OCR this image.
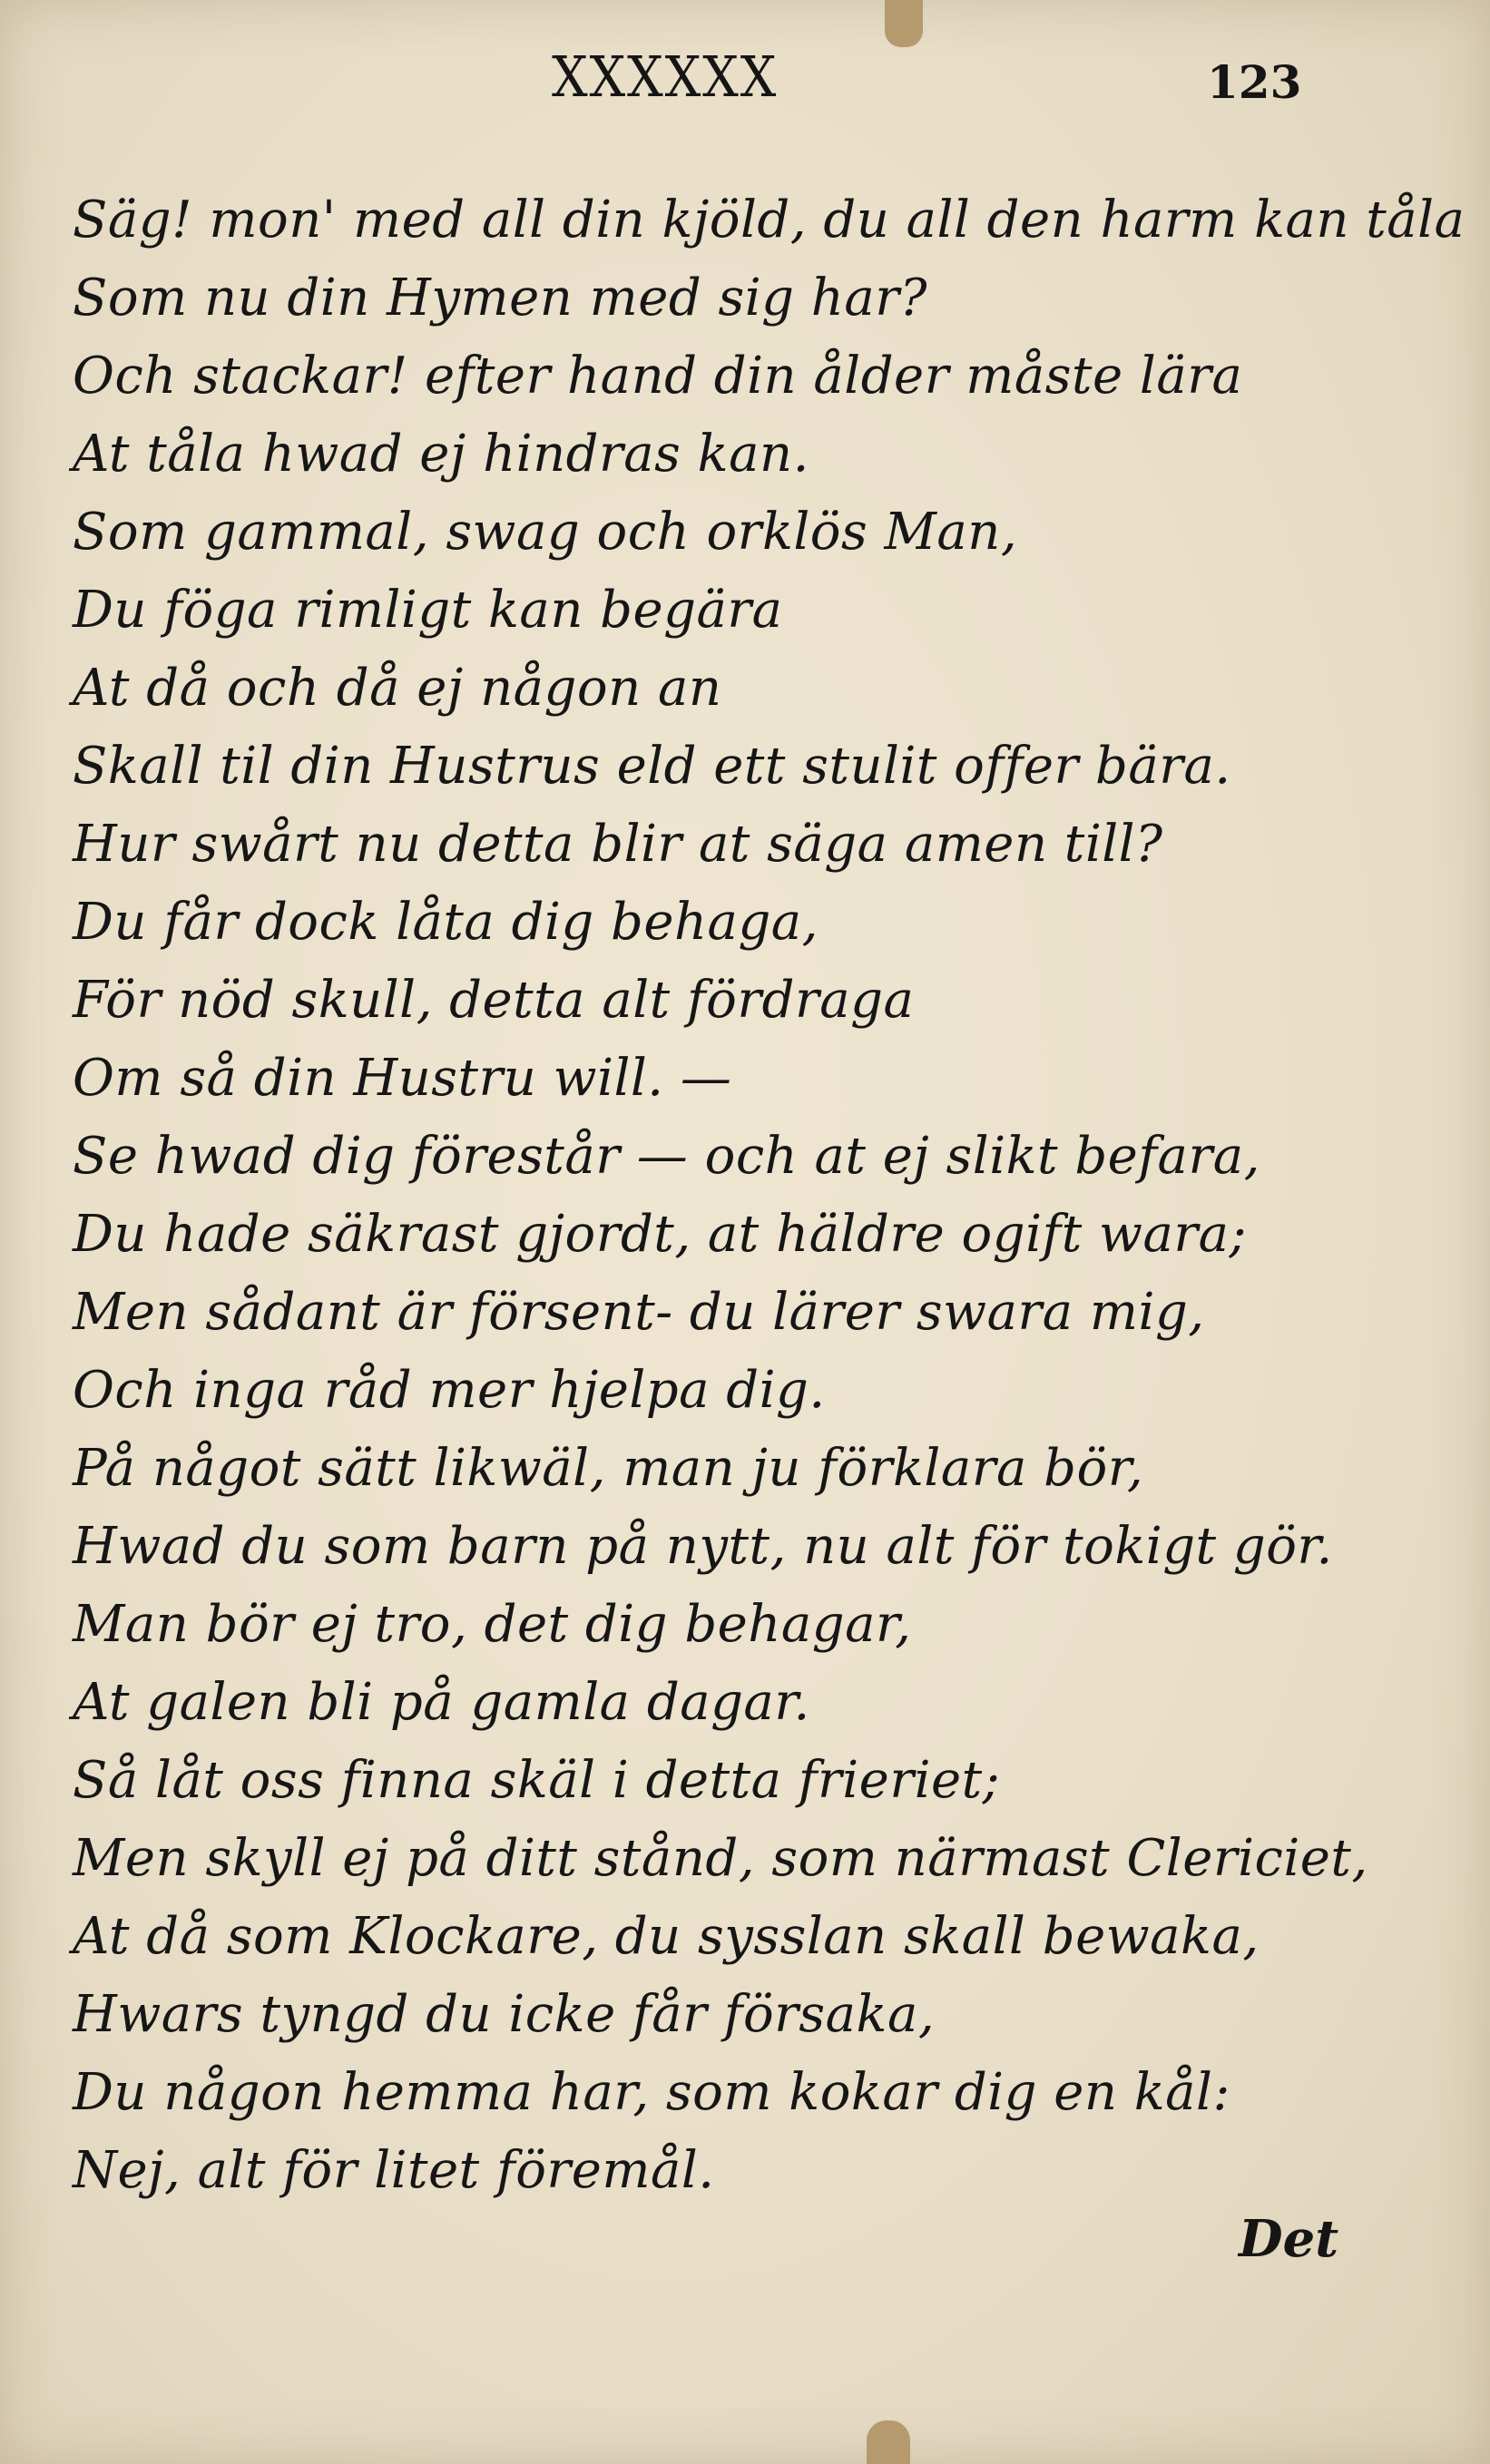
XXXXXX	123
Säg! mon' med all din kjöld, du all den harm kan tåla
Som nu din Hymen med sig har?
Och stackar! efter hand din ålder måste lära
At tåla hwad ej hindras kan.
Som gammal, swag och orklös Man,
Du föga rimligt kan begära
At då och då ej någon an
Skall til din Hustrus eld ett stulit offer bära.
Hur swårt nu detta blir at säga amen till?
Du får dock låta dig behaga,
För nöd skull, detta alt fördraga
Om så din Hustru will. —
Se hwad dig förestår — och at ej slikt befara,
Du hade säkrast gjordt, at häldre ogift wara;
Men sådant är försent- du lärer swara mig,
Och inga råd mer hjelpa dig.
På något sätt likwäl, man ju förklara bör,
Hwad du som barn på nytt, nu alt för tokigt gör.
Man bör ej tro, det dig behagar,
At galen bli på gamla dagar.
Så låt oss finna skäl i detta frieriet;
Men skyll ej på ditt stånd, som närmast Clericiet,
At då som Klockare, du sysslan skall bewaka,
Hwars tyngd du icke får försaka,
Du någon hemma har, som kokar dig en kål:
Nej, alt för litet föremål.
Det
